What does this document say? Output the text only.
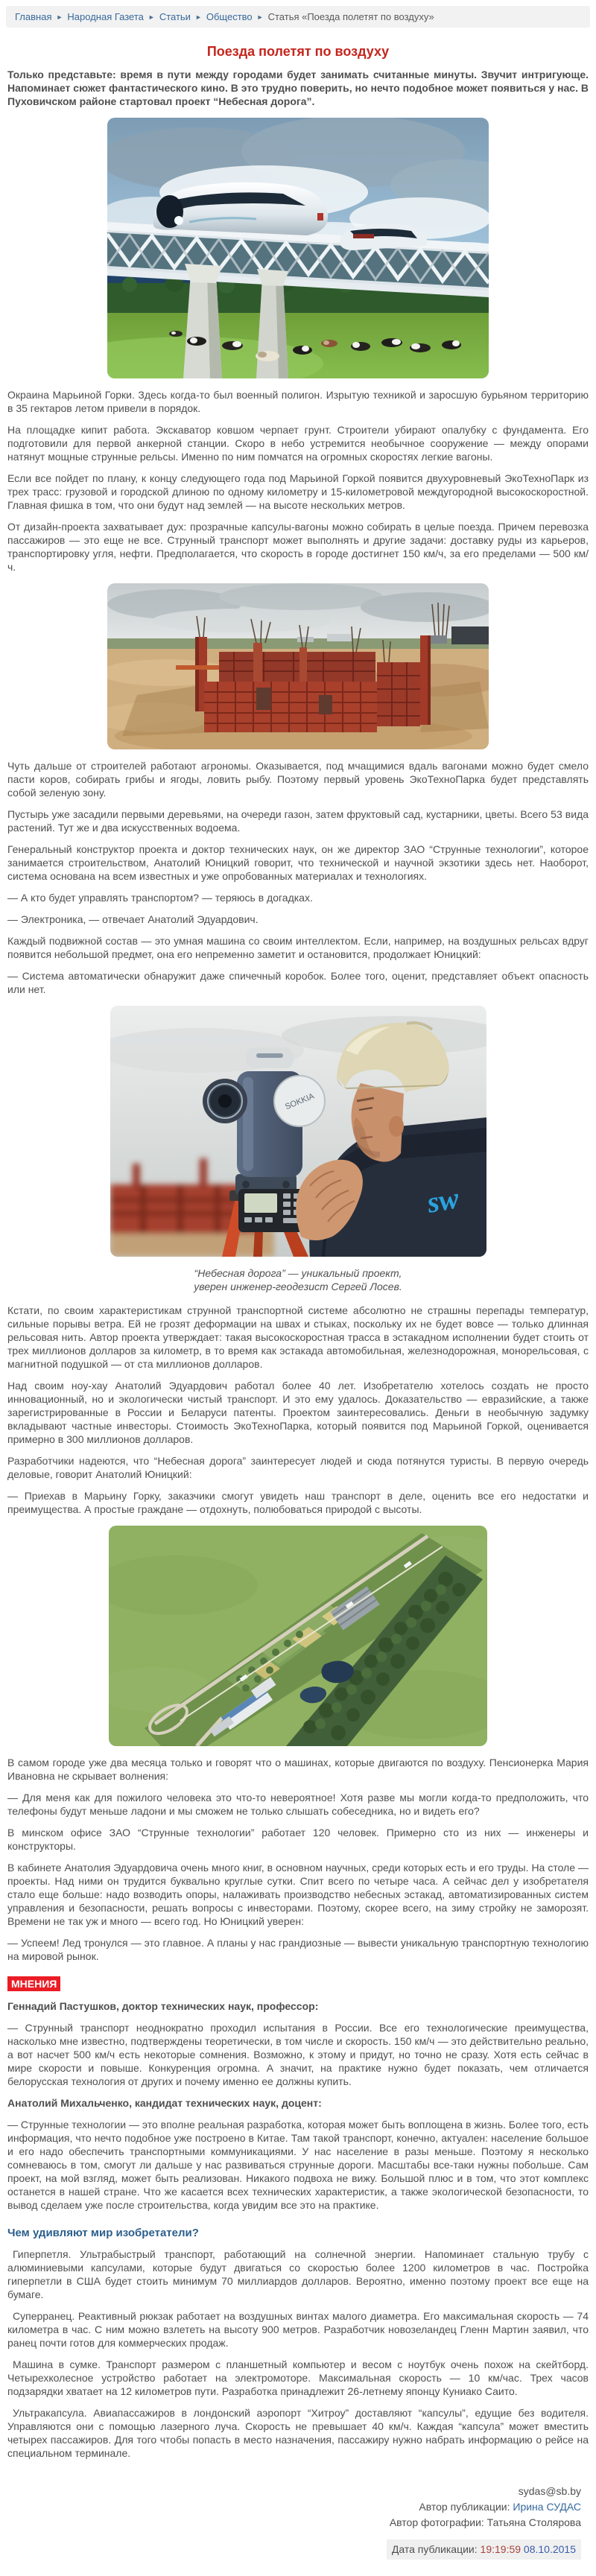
Главная ► Народная Газета ► Статьи ► Общество ► Статья «Поезда полетят по воздуху»
Поезда полетят по воздуху

Только представьте: время в пути между городами будет занимать считанные минуты. Звучит интригующе. Напоминает сюжет фантастического кино. В это трудно поверить, но нечто подобное может появиться у нас. В Пуховичском районе стартовал проект “Небесная дорога”.

Окраина Марьиной Горки. Здесь когда-то был военный полигон. Изрытую техникой и заросшую бурьяном территорию в 35 гектаров летом привели в порядок.

На площадке кипит работа. Экскаватор ковшом черпает грунт. Строители убирают опалубку с фундамента. Его подготовили для первой анкерной станции. Скоро в небо устремится необычное сооружение — между опорами натянут мощные струнные рельсы. Именно по ним помчатся на огромных скоростях легкие вагоны.

Если все пойдет по плану, к концу следующего года под Марьиной Горкой появится двухуровневый ЭкоТехноПарк из трех трасс: грузовой и городской длиною по одному километру и 15-километровой междугородной высокоскоростной. Главная фишка в том, что они будут над землей — на высоте нескольких метров.

От дизайн-проекта захватывает дух: прозрачные капсулы-вагоны можно собирать в целые поезда. Причем перевозка пассажиров — это еще не все. Струнный транспорт может выполнять и другие задачи: доставку руды из карьеров, транспортировку угля, нефти. Предполагается, что скорость в городе достигнет 150 км/ч, за его пределами — 500 км/ч.

Чуть дальше от строителей работают агрономы. Оказывается, под мчащимися вдаль вагонами можно будет смело пасти коров, собирать грибы и ягоды, ловить рыбу. Поэтому первый уровень ЭкоТехноПарка будет представлять собой зеленую зону.

Пустырь уже засадили первыми деревьями, на очереди газон, затем фруктовый сад, кустарники, цветы. Всего 53 вида растений. Тут же и два искусственных водоема.

Генеральный конструктор проекта и доктор технических наук, он же директор ЗАО “Струнные технологии”, которое занимается строительством, Анатолий Юницкий говорит, что технической и научной экзотики здесь нет. Наоборот, система основана на всем известных и уже опробованных материалах и технологиях.

— А кто будет управлять транспортом? — теряюсь в догадках.

— Электроника, — отвечает Анатолий Эдуардович.

Каждый подвижной состав — это умная машина со своим интеллектом. Если, например, на воздушных рельсах вдруг появится небольшой предмет, она его непременно заметит и остановится, продолжает Юницкий:

— Система автоматически обнаружит даже спичечный коробок. Более того, оценит, представляет объект опасность или нет.

SOKKIA
sw
“Небесная дорога” — уникальный проект,
уверен инженер-геодезист Сергей Лосев.

Кстати, по своим характеристикам струнной транспортной системе абсолютно не страшны перепады температур, сильные порывы ветра. Ей не грозят деформации на швах и стыках, поскольку их не будет вовсе — только длинная рельсовая нить. Автор проекта утверждает: такая высокоскоростная трасса в эстакадном исполнении будет стоить от трех миллионов долларов за километр, в то время как эстакада автомобильная, железнодорожная, монорельсовая, с магнитной подушкой — от ста миллионов долларов.

Над своим ноу-хау Анатолий Эдуардович работал более 40 лет. Изобретателю хотелось создать не просто инновационный, но и экологически чистый транспорт. И это ему удалось. Доказательство — евразийские, а также зарегистрированные в России и Беларуси патенты. Проектом заинтересовались. Деньги в необычную задумку вкладывают частные инвесторы. Стоимость ЭкоТехноПарка, который появится под Марьиной Горкой, оценивается примерно в 300 миллионов долларов.

Разработчики надеются, что “Небесная дорога” заинтересует людей и сюда потянутся туристы. В первую очередь деловые, говорит Анатолий Юницкий:

— Приехав в Марьину Горку, заказчики смогут увидеть наш транспорт в деле, оценить все его недостатки и преимущества. А простые граждане — отдохнуть, полюбоваться природой с высоты.

В самом городе уже два месяца только и говорят что о машинах, которые двигаются по воздуху. Пенсионерка Мария Ивановна не скрывает волнения:

— Для меня как для пожилого человека это что-то невероятное! Хотя разве мы могли когда-то предположить, что телефоны будут меньше ладони и мы сможем не только слышать собеседника, но и видеть его?

В минском офисе ЗАО “Струнные технологии” работает 120 человек. Примерно сто из них — инженеры и конструкторы.

В кабинете Анатолия Эдуардовича очень много книг, в основном научных, среди которых есть и его труды. На столе — проекты. Над ними он трудится буквально круглые сутки. Спит всего по четыре часа. А сейчас дел у изобретателя стало еще больше: надо возводить опоры, налаживать производство небесных эстакад, автоматизированных систем управления и безопасности, решать вопросы с инвесторами. Поэтому, скорее всего, на зиму стройку не заморозят. Времени не так уж и много — всего год. Но Юницкий уверен:

— Успеем! Лед тронулся — это главное. А планы у нас грандиозные — вывести уникальную транспортную технологию на мировой рынок.

МНЕНИЯ

Геннадий Пастушков, доктор технических наук, профессор:

— Струнный транспорт неоднократно проходил испытания в России. Все его технологические преимущества, насколько мне известно, подтверждены теоретически, в том числе и скорость. 150 км/ч — это действительно реально, а вот насчет 500 км/ч есть некоторые сомнения. Возможно, к этому и придут, но точно не сразу. Хотя есть сейчас в мире скорости и повыше. Конкуренция огромна. А значит, на практике нужно будет показать, чем отличается белорусская технология от других и почему именно ее должны купить.

Анатолий Михальченко, кандидат технических наук, доцент:

— Струнные технологии — это вполне реальная разработка, которая может быть воплощена в жизнь. Более того, есть информация, что нечто подобное уже построено в Китае. Там такой транспорт, конечно, актуален: население большое и его надо обеспечить транспортными коммуникациями. У нас население в разы меньше. Поэтому я несколько сомневаюсь в том, смогут ли дальше у нас развиваться струнные дороги. Масштабы все-таки нужны побольше. Сам проект, на мой взгляд, может быть реализован. Никакого подвоха не вижу. Большой плюс и в том, что этот комплекс останется в нашей стране. Что же касается всех технических характеристик, а также экологической безопасности, то вывод сделаем уже после строительства, когда увидим все это на практике.

Чем удивляют мир изобретатели?

Гиперпетля. Ультрабыстрый транспорт, работающий на солнечной энергии. Напоминает стальную трубу с алюминиевыми капсулами, которые будут двигаться со скоростью более 1200 километров в час. Постройка гиперпетли в США будет стоить минимум 70 миллиардов долларов. Вероятно, именно поэтому проект все еще на бумаге.

Суперранец. Реактивный рюкзак работает на воздушных винтах малого диаметра. Его максимальная скорость — 74 километра в час. С ним можно взлететь на высоту 900 метров. Разработчик новозеландец Гленн Мартин заявил, что ранец почти готов для коммерческих продаж.

Машина в сумке. Транспорт размером с планшетный компьютер и весом с ноутбук очень похож на скейтборд. Четырехколесное устройство работает на электромоторе. Максимальная скорость — 10 км/час. Трех часов подзарядки хватает на 12 километров пути. Разработка принадлежит 26-летнему японцу Куниако Саито.

Ультракапсула. Авиапассажиров в лондонский аэропорт “Хитроу” доставляют “капсулы”, едущие без водителя. Управляются они с помощью лазерного луча. Скорость не превышает 40 км/ч. Каждая “капсула” может вместить четырех пассажиров. Для того чтобы попасть в место назначения, пассажиру нужно набрать информацию о рейсе на специальном терминале.

sydas@sb.by
Автор публикации: Ирина СУДАС
Автор фотографии: Татьяна Столярова
Дата публикации: 19:19:59 08.10.2015
